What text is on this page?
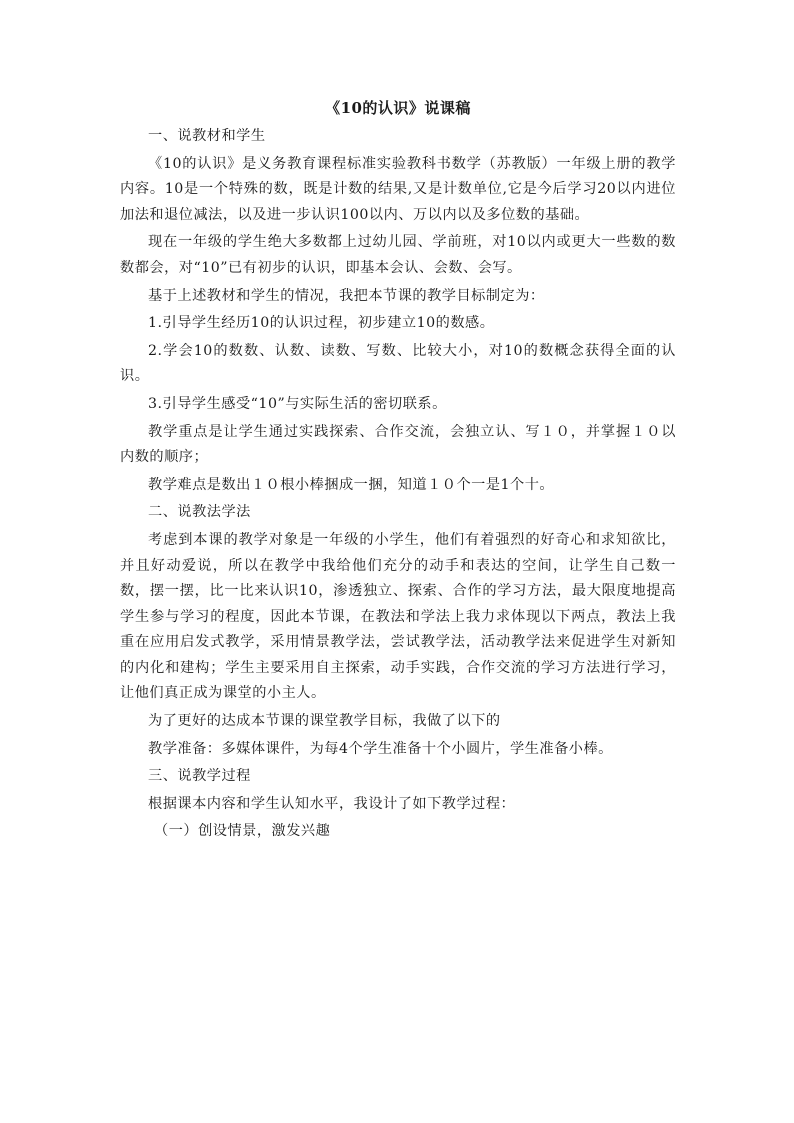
《10的认识》说课稿

一、说教材和学生

《10的认识》是义务教育课程标准实验教科书数学（苏教版）一年级上册的教学内容。10是一个特殊的数，既是计数的结果,又是计数单位,它是今后学习20以内进位加法和退位减法，以及进一步认识100以内、万以内以及多位数的基础。

现在一年级的学生绝大多数都上过幼儿园、学前班，对10以内或更大一些数的数数都会，对“10”已有初步的认识，即基本会认、会数、会写。

基于上述教材和学生的情况，我把本节课的教学目标制定为：

1.引导学生经历10的认识过程，初步建立10的数感。

2.学会10的数数、认数、读数、写数、比较大小，对10的数概念获得全面的认识。

3.引导学生感受“10”与实际生活的密切联系。

教学重点是让学生通过实践探索、合作交流，会独立认、写１０，并掌握１０以内数的顺序；

教学难点是数出１０根小棒捆成一捆，知道１０个一是1个十。

二、说教法学法

考虑到本课的教学对象是一年级的小学生，他们有着强烈的好奇心和求知欲比，并且好动爱说，所以在教学中我给他们充分的动手和表达的空间，让学生自己数一数，摆一摆，比一比来认识10，渗透独立、探索、合作的学习方法，最大限度地提高学生参与学习的程度，因此本节课，在教法和学法上我力求体现以下两点，教法上我重在应用启发式教学，采用情景教学法，尝试教学法，活动教学法来促进学生对新知的内化和建构；学生主要采用自主探索，动手实践，合作交流的学习方法进行学习，让他们真正成为课堂的小主人。

为了更好的达成本节课的课堂教学目标，我做了以下的

教学准备：多媒体课件，为每4个学生准备十个小圆片，学生准备小棒。

三、说教学过程

根据课本内容和学生认知水平，我设计了如下教学过程：

（一）创设情景，激发兴趣
